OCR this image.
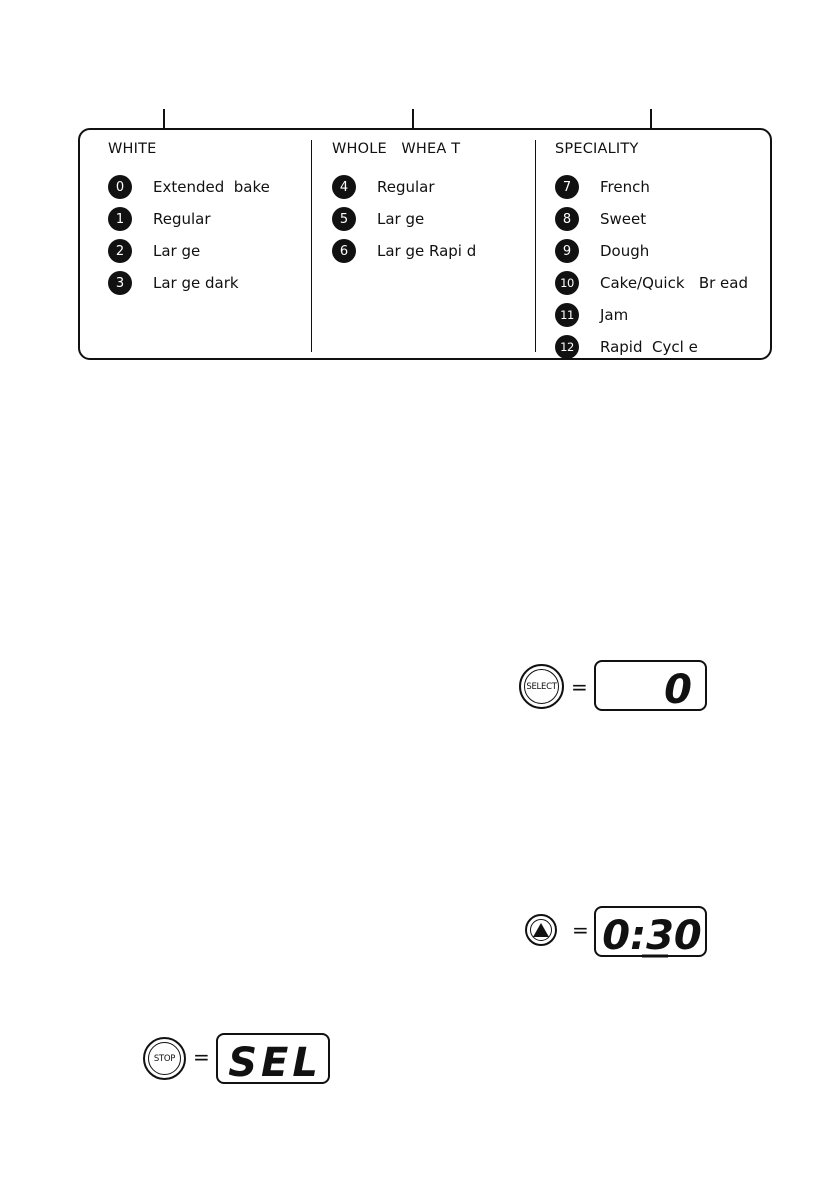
WHITE
0	Extended  bake
1	Regular
2	Lar ge
3	Lar ge dark
WHOLE   WHEA T
4	Regular
5	Lar ge
6	Lar ge Rapi d
SPECIALITY
7	French
8	Sweet
9	Dough
10	Cake/Quick   Br ead
11	Jam
12	Rapid  Cycl e
SELECT = 0
= 0:30
STOP = SEL
